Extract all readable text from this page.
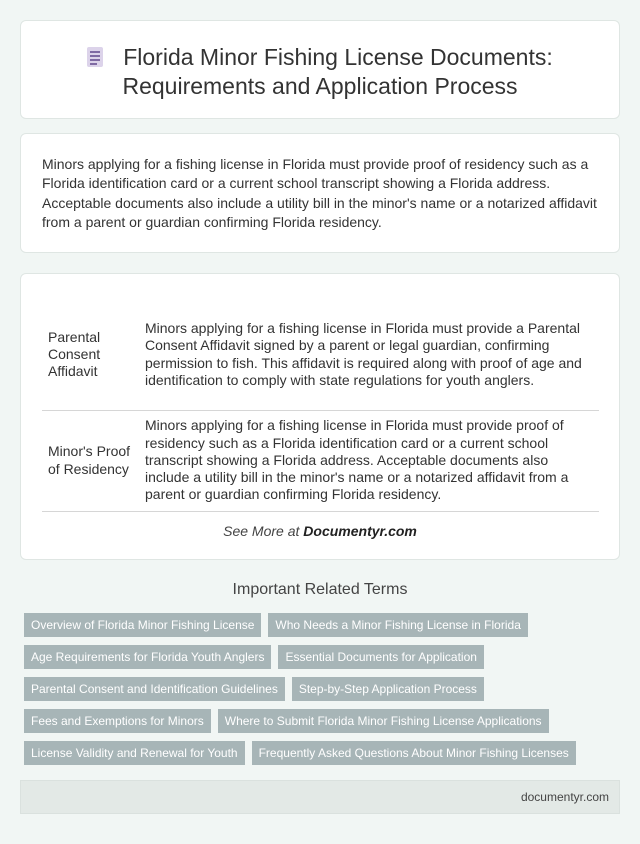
Florida Minor Fishing License Documents:
Requirements and Application Process

Minors applying for a fishing license in Florida must provide proof of residency such as a Florida identification card or a current school transcript showing a Florida address. Acceptable documents also include a utility bill in the minor's name or a notarized affidavit from a parent or guardian confirming Florida residency.

Parental Consent Affidavit	Minors applying for a fishing license in Florida must provide a Parental Consent Affidavit signed by a parent or legal guardian, confirming permission to fish. This affidavit is required along with proof of age and identification to comply with state regulations for youth anglers.
Minor's Proof of Residency	Minors applying for a fishing license in Florida must provide proof of residency such as a Florida identification card or a current school transcript showing a Florida address. Acceptable documents also include a utility bill in the minor's name or a notarized affidavit from a parent or guardian confirming Florida residency.
See More at Documentyr.com
Important Related Terms
Overview of Florida Minor Fishing License	Who Needs a Minor Fishing License in Florida
Age Requirements for Florida Youth Anglers	Essential Documents for Application
Parental Consent and Identification Guidelines	Step-by-Step Application Process
Fees and Exemptions for Minors	Where to Submit Florida Minor Fishing License Applications
License Validity and Renewal for Youth	Frequently Asked Questions About Minor Fishing Licenses
documentyr.com
